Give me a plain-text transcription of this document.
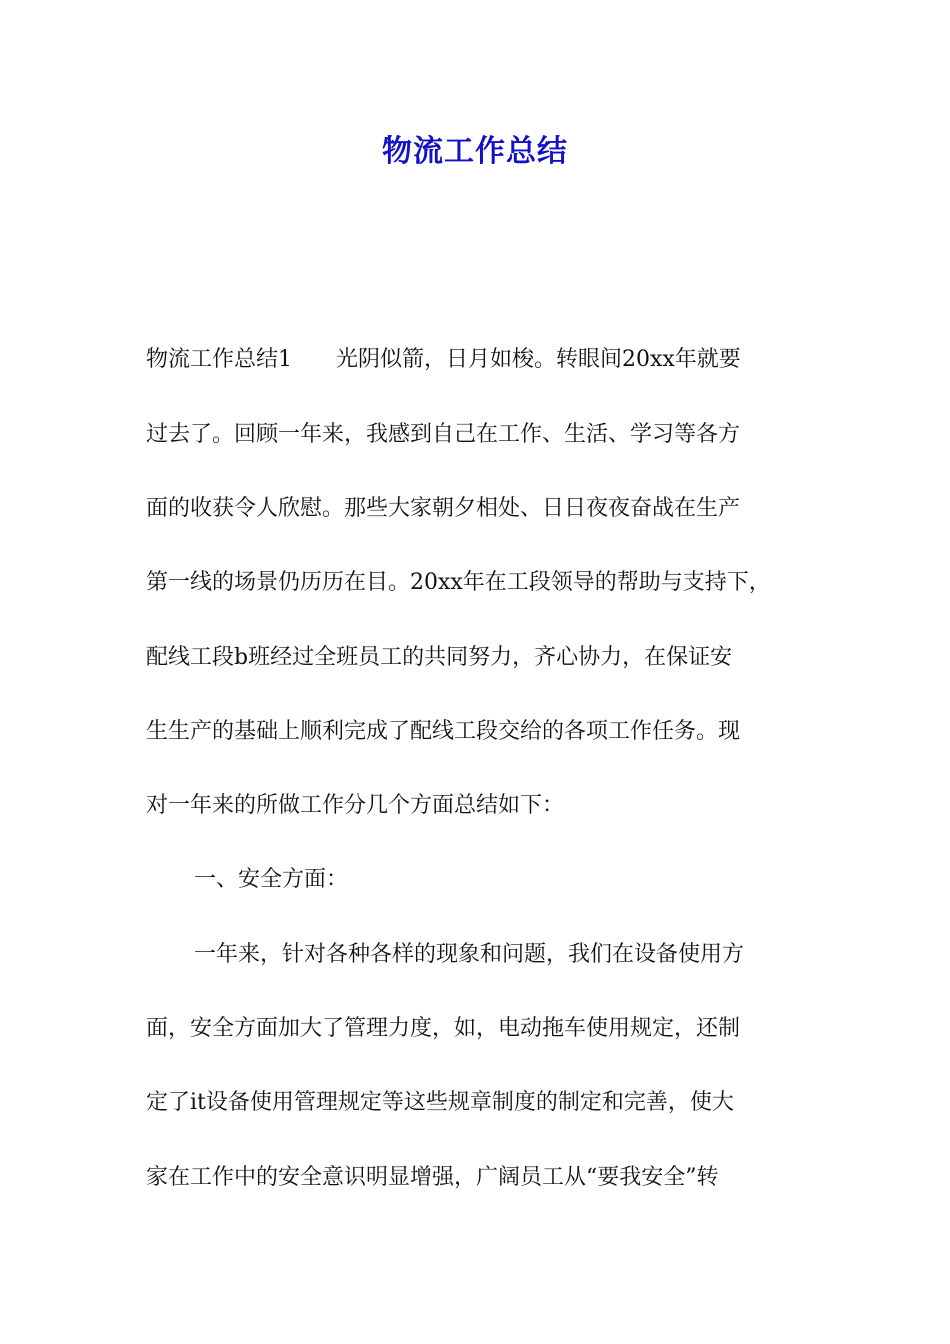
物流工作总结
物流工作总结1　　光阴似箭，日月如梭。转眼间20xx年就要
过去了。回顾一年来，我感到自己在工作、生活、学习等各方
面的收获令人欣慰。那些大家朝夕相处、日日夜夜奋战在生产
第一线的场景仍历历在目。20xx年在工段领导的帮助与支持下，
配线工段b班经过全班员工的共同努力，齐心协力，在保证安
生生产的基础上顺利完成了配线工段交给的各项工作任务。现
对一年来的所做工作分几个方面总结如下：
一、安全方面：
一年来，针对各种各样的现象和问题，我们在设备使用方
面，安全方面加大了管理力度，如，电动拖车使用规定，还制
定了it设备使用管理规定等这些规章制度的制定和完善，使大
家在工作中的安全意识明显增强，广阔员工从“要我安全”转
